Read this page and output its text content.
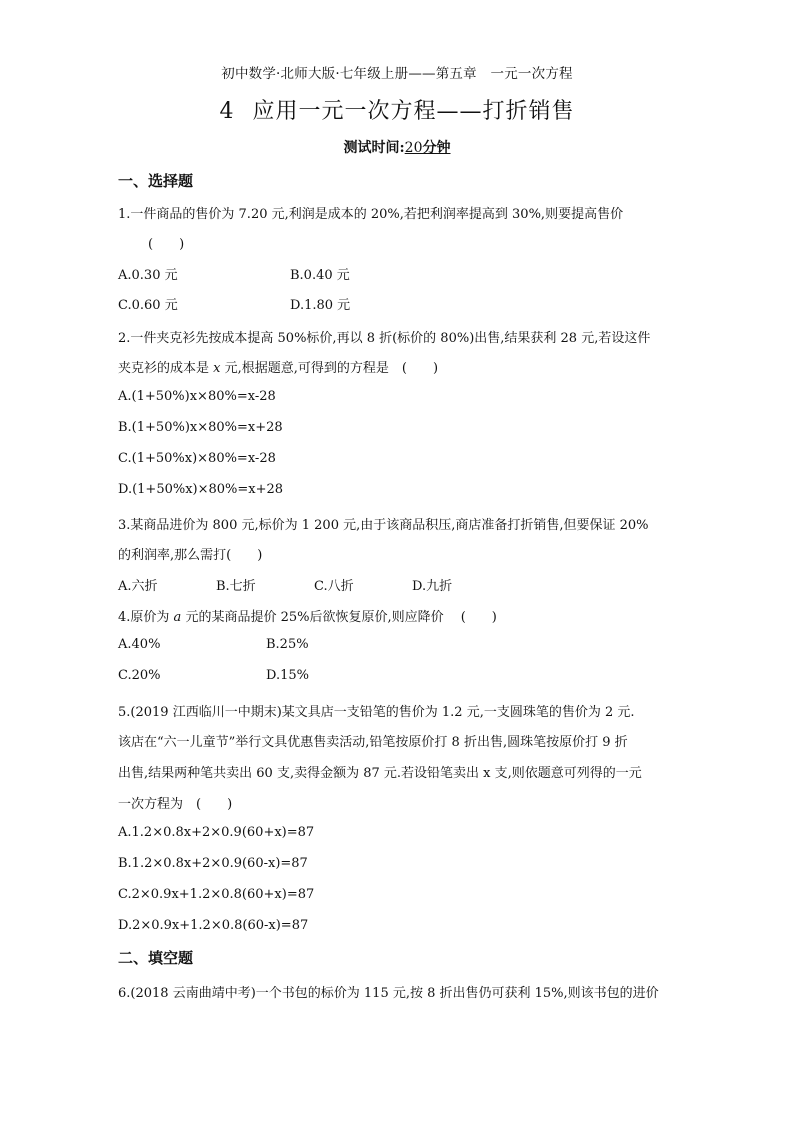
初中数学·北师大版·七年级上册——第五章　一元一次方程
4 应用一元一次方程——打折销售
测试时间:20分钟
一、选择题
1.一件商品的售价为 7.20 元,利润是成本的 20%,若把利润率提高到 30%,则要提高售价
(　　)
A.0.30 元	B.0.40 元
C.0.60 元	D.1.80 元
2.一件夹克衫先按成本提高 50%标价,再以 8 折(标价的 80%)出售,结果获利 28 元,若设这件
夹克衫的成本是 x 元,根据题意,可得到的方程是　(　　)
A.(1+50%)x×80%=x-28
B.(1+50%)x×80%=x+28
C.(1+50%x)×80%=x-28
D.(1+50%x)×80%=x+28
3.某商品进价为 800 元,标价为 1 200 元,由于该商品积压,商店准备打折销售,但要保证 20%
的利润率,那么需打(　　)
A.六折	B.七折	C.八折	D.九折
4.原价为 a 元的某商品提价 25%后欲恢复原价,则应降价　 (　　)
A.40%	B.25%
C.20%	D.15%
5.(2019 江西临川一中期末)某文具店一支铅笔的售价为 1.2 元,一支圆珠笔的售价为 2 元.
该店在“六一儿童节”举行文具优惠售卖活动,铅笔按原价打 8 折出售,圆珠笔按原价打 9 折
出售,结果两种笔共卖出 60 支,卖得金额为 87 元.若设铅笔卖出 x 支,则依题意可列得的一元
一次方程为　(　　)
A.1.2×0.8x+2×0.9(60+x)=87
B.1.2×0.8x+2×0.9(60-x)=87
C.2×0.9x+1.2×0.8(60+x)=87
D.2×0.9x+1.2×0.8(60-x)=87
二、填空题
6.(2018 云南曲靖中考)一个书包的标价为 115 元,按 8 折出售仍可获利 15%,则该书包的进价
